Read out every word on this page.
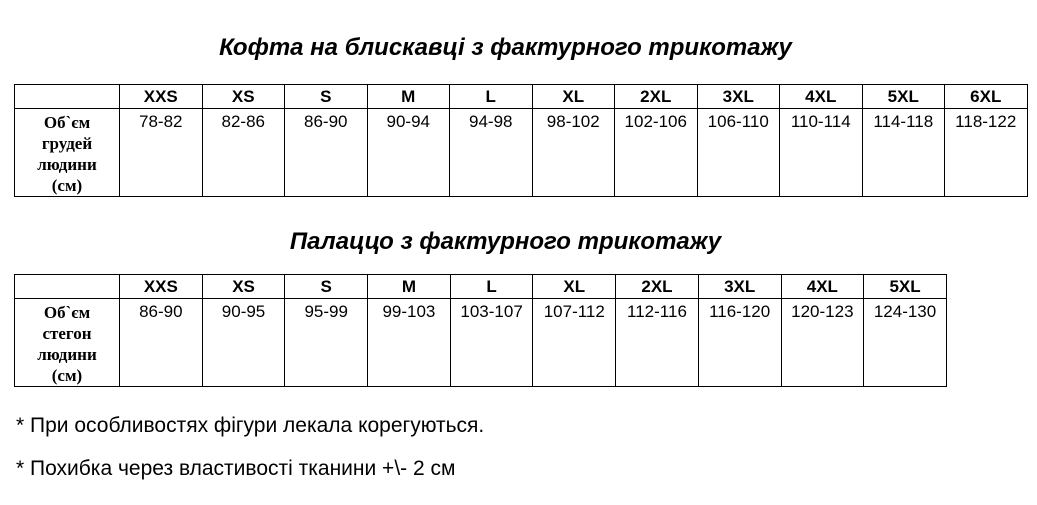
Кофта на блискавці з фактурного трикотажу
	XXS	XS	S	M	L	XL	2XL	3XL	4XL	5XL	6XL

Об`єм
грудей
людини
(см)	78-82	82-86	86-90	90-94	94-98	98-102	102-106	106-110	110-114	114-118	118-122
Палаццо з фактурного трикотажу
	XXS	XS	S	M	L	XL	2XL	3XL	4XL	5XL

Об`єм
стегон
людини
(см)	86-90	90-95	95-99	99-103	103-107	107-112	112-116	116-120	120-123	124-130

* При особливостях фігури лекала корегуються.

* Похибка через властивості тканини +\- 2 см
